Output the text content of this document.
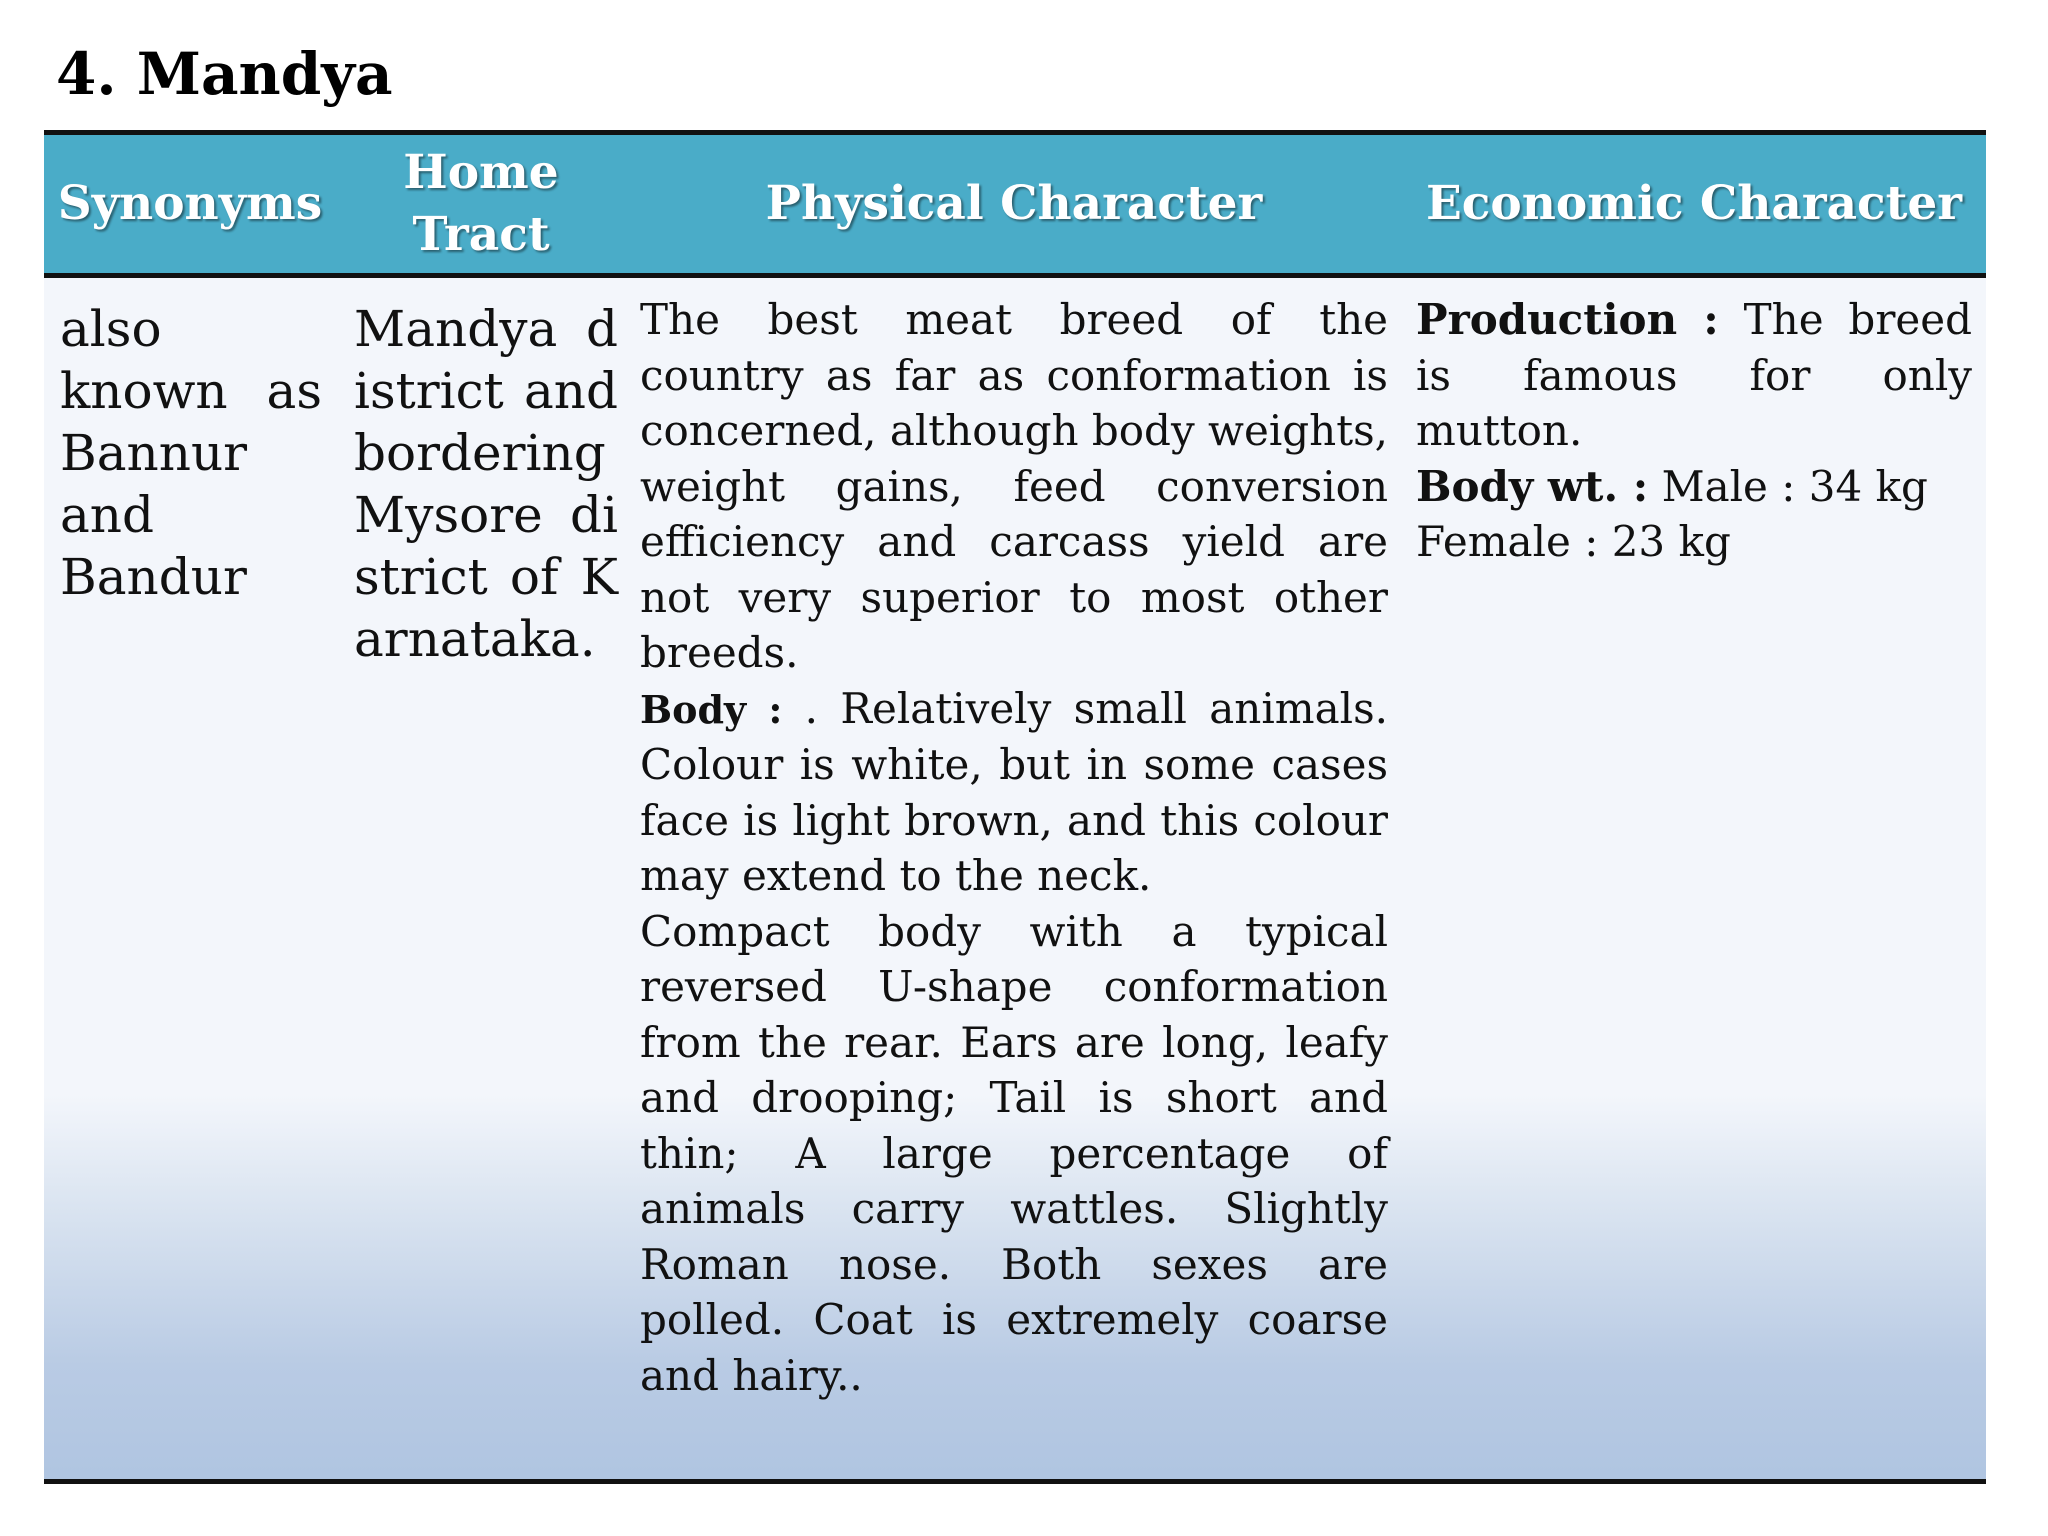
4. Mandya
Synonyms
Home Tract
Physical Character	Economic Character
also known as Bannur and Bandur
Mandya district and bordering Mysore district of Karnataka.

The best meat breed of the country as far as conformation is concerned, although body weights, weight gains, feed conversion efficiency and carcass yield are not very superior to most other breeds.

Body : . Relatively small animals. Colour is white, but in some cases face is light brown, and this colour may extend to the neck.

Compact body with a typical reversed U-shape conformation from the rear. Ears are long, leafy and drooping; Tail is short and thin; A large percentage of animals carry wattles. Slightly Roman nose. Both sexes are polled. Coat is extremely coarse and hairy..

Production : The breed is famous for only mutton.

Body wt. : Male : 34 kg

Female : 23 kg
